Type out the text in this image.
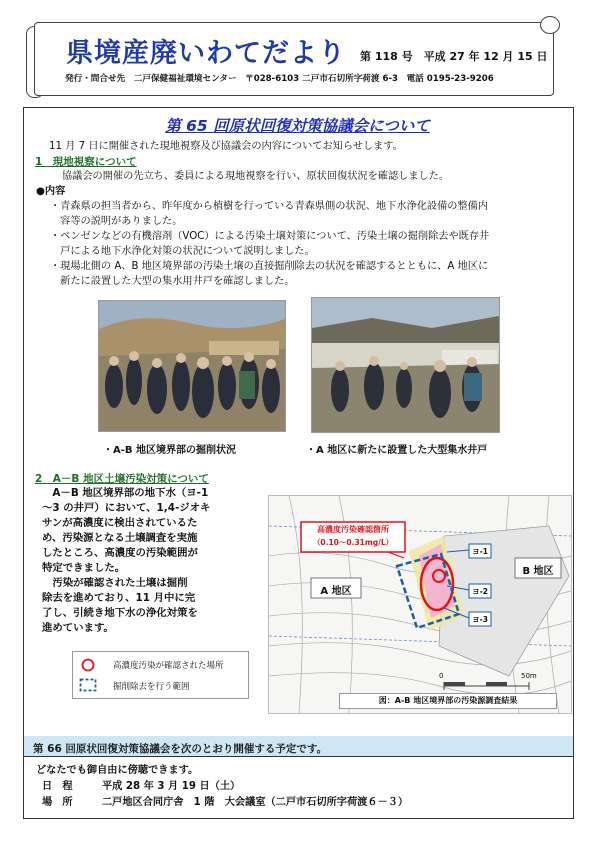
県境産廃いわてだより 第 118 号　平成 27 年 12 月 15 日
発行・問合せ先　二戸保健福祉環境センター　〒028-6103 二戸市石切所字荷渡 6-3　電話 0195-23-9206
第 65 回原状回復対策協議会について
11 月 7 日に開催された現地視察及び協議会の内容についてお知らせします。
1　現地視察について
協議会の開催の先立ち、委員による現地視察を行い、原状回復状況を確認しました。
●内容
・青森県の担当者から、昨年度から植樹を行っている青森県側の状況、地下水浄化設備の整備内
　容等の説明がありました。
・ベンゼンなどの有機溶剤（VOC）による汚染土壌対策について、汚染土壌の掘削除去や既存井
　戸による地下水浄化対策の状況について説明しました。
・現場北側の A、B 地区境界部の汚染土壌の直接掘削除去の状況を確認するとともに、A 地区に
　新たに設置した大型の集水用井戸を確認しました。
・A-B 地区境界部の掘削状況	・A 地区に新たに設置した大型集水井戸
2　A－B 地区土壌汚染対策について
　A－B 地区境界部の地下水（ヨ-1
～3 の井戸）において、1,4-ジオキ
サンが高濃度に検出されているた
め、汚染源となる土壌調査を実施
したところ、高濃度の汚染範囲が
特定できました。
　汚染が確認された土壌は掘削
除去を進めており、11 月中に完
了し、引続き地下水の浄化対策を
進めています。
高濃度汚染確認箇所
（0.10～0.31mg/L）
A 地区
B 地区
ヨ-1
ヨ-2
ヨ-3
0	50m
図：A-B 地区境界部の汚染源調査結果
高濃度汚染が確認された場所
掘削除去を行う範囲
第 66 回原状回復対策協議会を次のとおり開催する予定です。
どなたでも御自由に傍聴できます。
日　程	平成 28 年 3 月 19 日（土）
場　所	二戸地区合同庁舎　1 階　大会議室（二戸市石切所字荷渡６－３）
